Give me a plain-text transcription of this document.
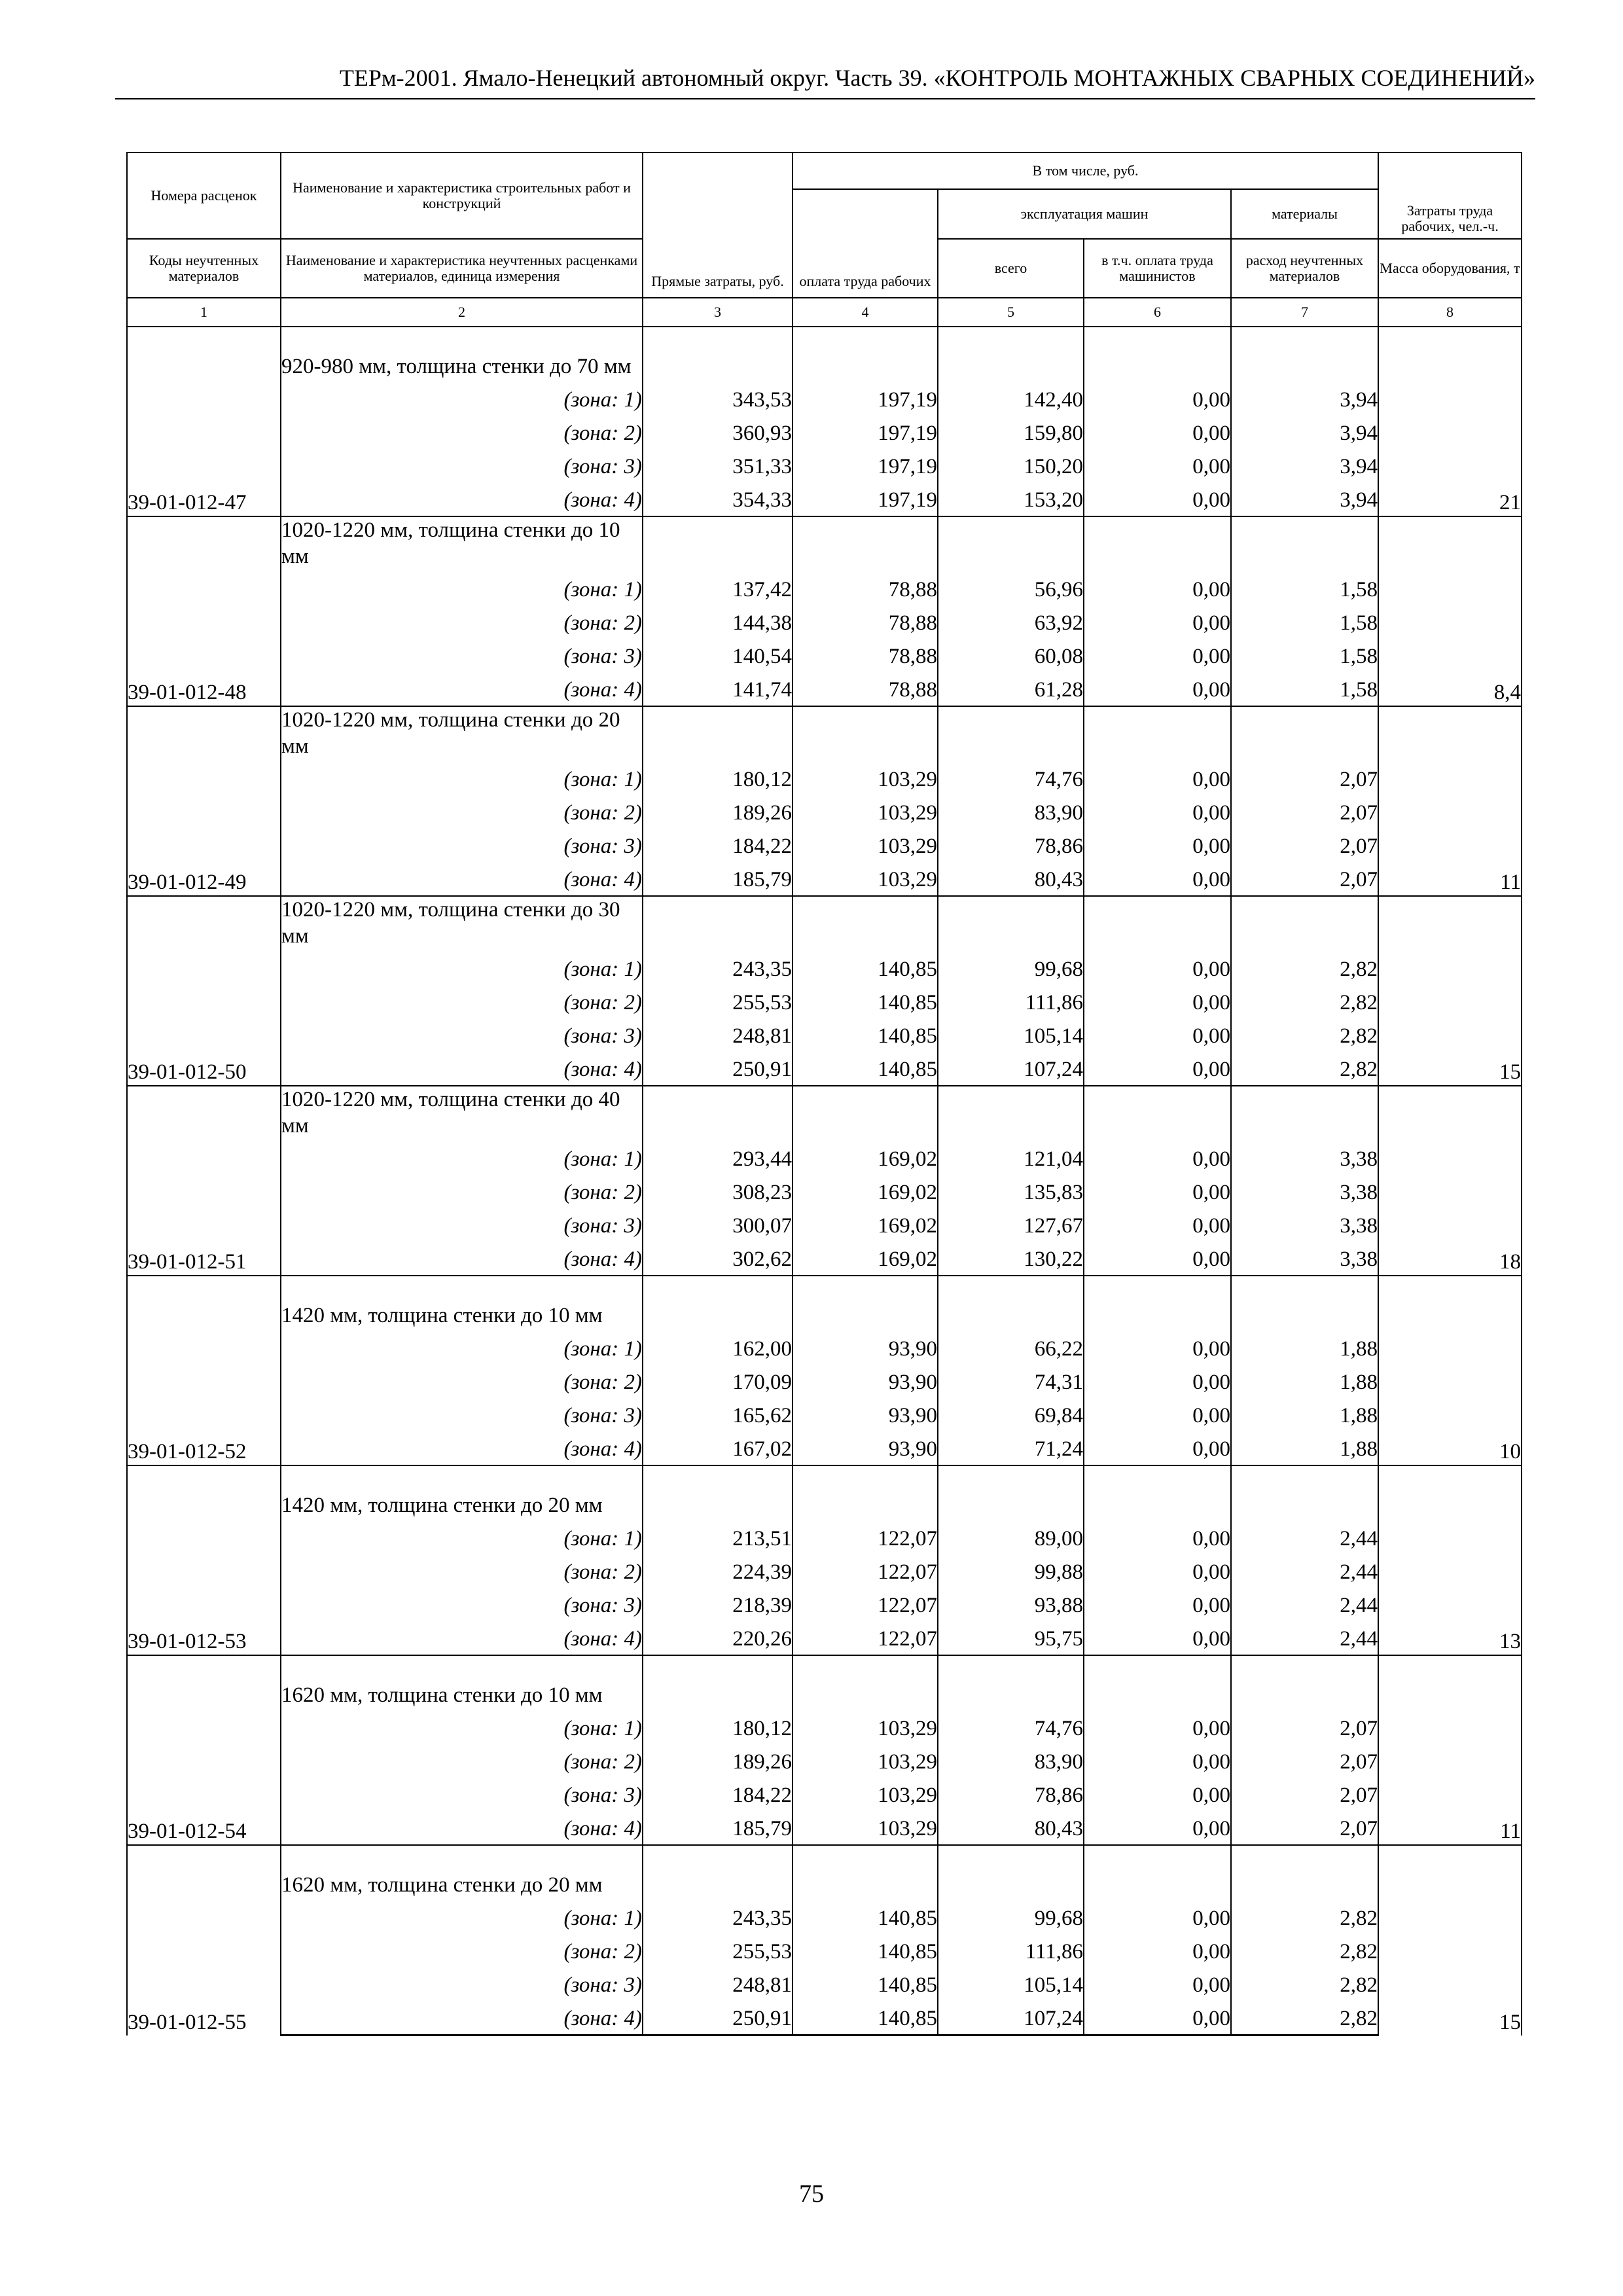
ТЕРм-2001. Ямало-Ненецкий автономный округ. Часть 39. «КОНТРОЛЬ МОНТАЖНЫХ СВАРНЫХ СОЕДИНЕНИЙ»
Номера расценок	Наименование и характеристика строительных работ и конструкций	Прямые затраты, руб.	В том числе, руб.				Затраты труда рабочих, чел.-ч.
			оплата труда рабочих	эксплуатация машин		материалы	
Коды неучтенных материалов	Наименование и характеристика неучтенных расценками материалов, единица измерения			всего	в т.ч. оплата труда машинистов	расход неучтенных материалов	Масса оборудования, т
1	2	3	4	5	6	7	8
39-01-012-47	920-980 мм, толщина стенки до 70 мм						21
	(зона: 1)	343,53	197,19	142,40	0,00	3,94	
	(зона: 2)	360,93	197,19	159,80	0,00	3,94	
	(зона: 3)	351,33	197,19	150,20	0,00	3,94	
	(зона: 4)	354,33	197,19	153,20	0,00	3,94	
39-01-012-48	1020-1220 мм, толщина стенки до 10 мм						8,4
	(зона: 1)	137,42	78,88	56,96	0,00	1,58	
	(зона: 2)	144,38	78,88	63,92	0,00	1,58	
	(зона: 3)	140,54	78,88	60,08	0,00	1,58	
	(зона: 4)	141,74	78,88	61,28	0,00	1,58	
39-01-012-49	1020-1220 мм, толщина стенки до 20 мм						11
	(зона: 1)	180,12	103,29	74,76	0,00	2,07	
	(зона: 2)	189,26	103,29	83,90	0,00	2,07	
	(зона: 3)	184,22	103,29	78,86	0,00	2,07	
	(зона: 4)	185,79	103,29	80,43	0,00	2,07	
39-01-012-50	1020-1220 мм, толщина стенки до 30 мм						15
	(зона: 1)	243,35	140,85	99,68	0,00	2,82	
	(зона: 2)	255,53	140,85	111,86	0,00	2,82	
	(зона: 3)	248,81	140,85	105,14	0,00	2,82	
	(зона: 4)	250,91	140,85	107,24	0,00	2,82	
39-01-012-51	1020-1220 мм, толщина стенки до 40 мм						18
	(зона: 1)	293,44	169,02	121,04	0,00	3,38	
	(зона: 2)	308,23	169,02	135,83	0,00	3,38	
	(зона: 3)	300,07	169,02	127,67	0,00	3,38	
	(зона: 4)	302,62	169,02	130,22	0,00	3,38	
39-01-012-52	1420 мм, толщина стенки до 10 мм						10
	(зона: 1)	162,00	93,90	66,22	0,00	1,88	
	(зона: 2)	170,09	93,90	74,31	0,00	1,88	
	(зона: 3)	165,62	93,90	69,84	0,00	1,88	
	(зона: 4)	167,02	93,90	71,24	0,00	1,88	
39-01-012-53	1420 мм, толщина стенки до 20 мм						13
	(зона: 1)	213,51	122,07	89,00	0,00	2,44	
	(зона: 2)	224,39	122,07	99,88	0,00	2,44	
	(зона: 3)	218,39	122,07	93,88	0,00	2,44	
	(зона: 4)	220,26	122,07	95,75	0,00	2,44	
39-01-012-54	1620 мм, толщина стенки до 10 мм						11
	(зона: 1)	180,12	103,29	74,76	0,00	2,07	
	(зона: 2)	189,26	103,29	83,90	0,00	2,07	
	(зона: 3)	184,22	103,29	78,86	0,00	2,07	
	(зона: 4)	185,79	103,29	80,43	0,00	2,07	
39-01-012-55	1620 мм, толщина стенки до 20 мм						15
	(зона: 1)	243,35	140,85	99,68	0,00	2,82	
	(зона: 2)	255,53	140,85	111,86	0,00	2,82	
	(зона: 3)	248,81	140,85	105,14	0,00	2,82	
	(зона: 4)	250,91	140,85	107,24	0,00	2,82	
75
